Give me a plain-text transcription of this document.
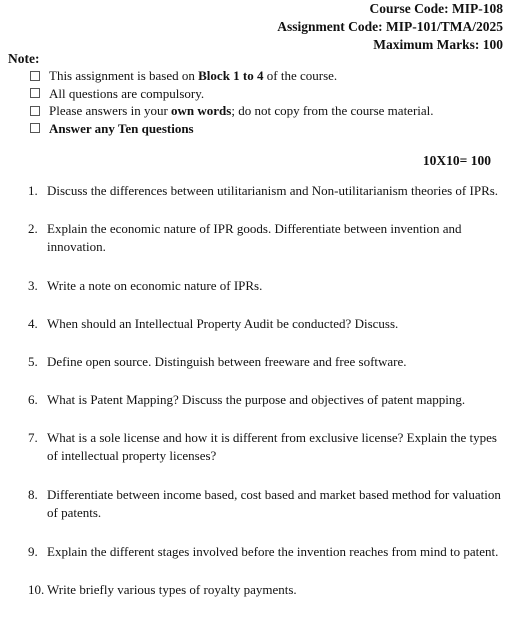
Course Code: MIP-108
Assignment Code: MIP-101/TMA/2025
Maximum Marks: 100
Note:
This assignment is based on Block 1 to 4 of the course.
All questions are compulsory.
Please answers in your own words; do not copy from the course material.
Answer any Ten questions
10X10= 100
1. Discuss the differences between utilitarianism and Non-utilitarianism theories of IPRs.
2. Explain the economic nature of IPR goods. Differentiate between invention and innovation.
3. Write a note on economic nature of IPRs.
4. When should an Intellectual Property Audit be conducted? Discuss.
5. Define open source. Distinguish between freeware and free software.
6. What is Patent Mapping? Discuss the purpose and objectives of patent mapping.
7. What is a sole license and how it is different from exclusive license? Explain the types of intellectual property licenses?
8. Differentiate between income based, cost based and market based method for valuation of patents.
9. Explain the different stages involved before the invention reaches from mind to patent.
10. Write briefly various types of royalty payments.
